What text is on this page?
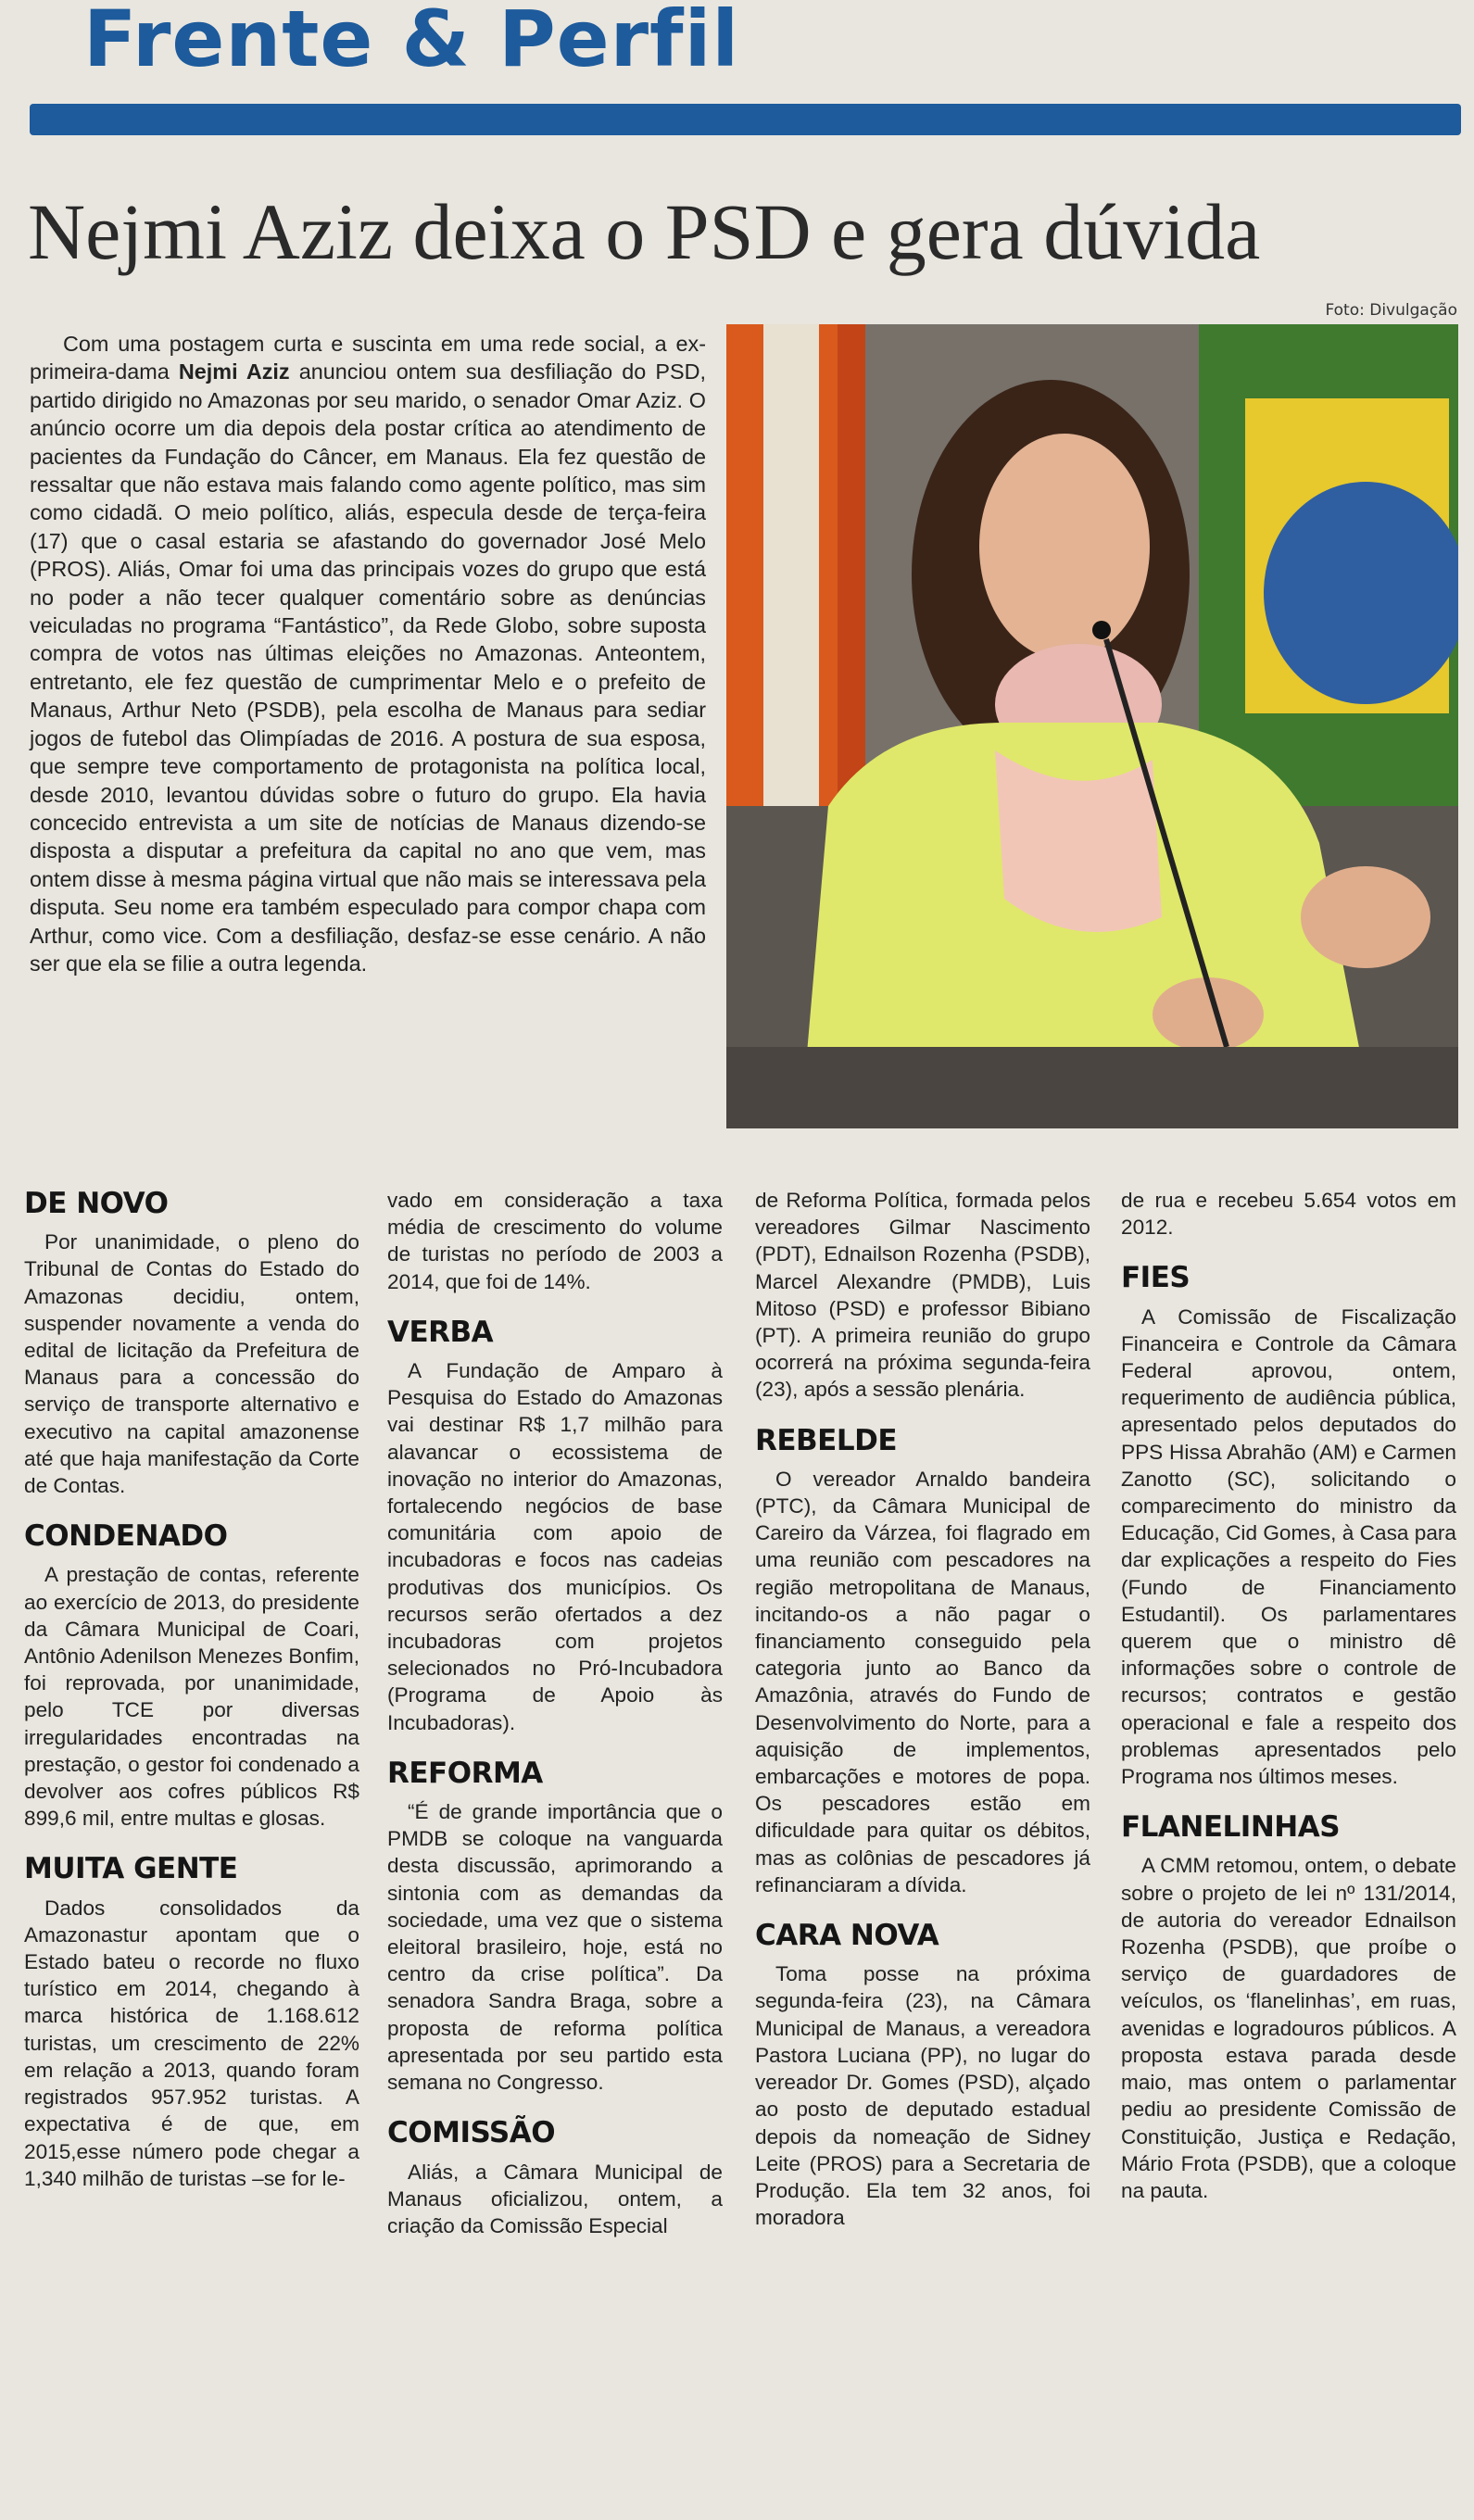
Frente & Perfil
Nejmi Aziz deixa o PSD e gera dúvida
Foto: Divulgação

Com uma postagem curta e suscinta em uma rede social, a ex-primeira-dama Nejmi Aziz anunciou ontem sua desfiliação do PSD, partido dirigido no Amazonas por seu marido, o senador Omar Aziz. O anúncio ocorre um dia depois dela postar crítica ao atendimento de pacientes da Fundação do Câncer, em Manaus. Ela fez questão de ressaltar que não estava mais falando como agente político, mas sim como cidadã. O meio político, aliás, especula desde de terça-feira (17) que o casal estaria se afastando do governador José Melo (PROS). Aliás, Omar foi uma das principais vozes do grupo que está no poder a não tecer qualquer comentário sobre as denúncias veiculadas no programa “Fantástico”, da Rede Globo, sobre suposta compra de votos nas últimas eleições no Amazonas. Anteontem, entretanto, ele fez questão de cumprimentar Melo e o prefeito de Manaus, Arthur Neto (PSDB), pela escolha de Manaus para sediar jogos de futebol das Olimpíadas de 2016. A postura de sua esposa, que sempre teve comportamento de protagonista na política local, desde 2010, levantou dúvidas sobre o futuro do grupo. Ela havia concecido entrevista a um site de notícias de Manaus dizendo-se disposta a disputar a prefeitura da capital no ano que vem, mas ontem disse à mesma página virtual que não mais se interessava pela disputa. Seu nome era também especulado para compor chapa com Arthur, como vice. Com a desfiliação, desfaz-se esse cenário. A não ser que ela se filie a outra legenda.

DE NOVO

Por unanimidade, o pleno do Tribunal de Contas do Estado do Amazonas decidiu, ontem, suspender novamente a venda do edital de licitação da Prefeitura de Manaus para a concessão do serviço de transporte alternativo e executivo na capital amazonense até que haja manifestação da Corte de Contas.

CONDENADO

A prestação de contas, referente ao exercício de 2013, do presidente da Câmara Municipal de Coari, Antônio Adenilson Menezes Bonfim, foi reprovada, por unanimidade, pelo TCE por diversas irregularidades encontradas na prestação, o gestor foi condenado a devolver aos cofres públicos R$ 899,6 mil, entre multas e glosas.

MUITA GENTE

Dados consolidados da Amazonastur apontam que o Estado bateu o recorde no fluxo turístico em 2014, chegando à marca histórica de 1.168.612 turistas, um crescimento de 22% em relação a 2013, quando foram registrados 957.952 turistas. A expectativa é de que, em 2015,esse número pode chegar a 1,340 milhão de turistas –se for le-

vado em consideração a taxa média de crescimento do volume de turistas no período de 2003 a 2014, que foi de 14%.

VERBA

A Fundação de Amparo à Pesquisa do Estado do Amazonas vai destinar R$ 1,7 milhão para alavancar o ecossistema de inovação no interior do Amazonas, fortalecendo negócios de base comunitária com apoio de incubadoras e focos nas cadeias produtivas dos municípios. Os recursos serão ofertados a dez incubadoras com projetos selecionados no Pró-Incubadora (Programa de Apoio às Incubadoras).

REFORMA

“É de grande importância que o PMDB se coloque na vanguarda desta discussão, aprimorando a sintonia com as demandas da sociedade, uma vez que o sistema eleitoral brasileiro, hoje, está no centro da crise política”. Da senadora Sandra Braga, sobre a proposta de reforma política apresentada por seu partido esta semana no Congresso.

COMISSÃO

Aliás, a Câmara Municipal de Manaus oficializou, ontem, a criação da Comissão Especial

de Reforma Política, formada pelos vereadores Gilmar Nascimento (PDT), Ednailson Rozenha (PSDB), Marcel Alexandre (PMDB), Luis Mitoso (PSD) e professor Bibiano (PT). A primeira reunião do grupo ocorrerá na próxima segunda-feira (23), após a sessão plenária.

REBELDE

O vereador Arnaldo bandeira (PTC), da Câmara Municipal de Careiro da Várzea, foi flagrado em uma reunião com pescadores na região metropolitana de Manaus, incitando-os a não pagar o financiamento conseguido pela categoria junto ao Banco da Amazônia, através do Fundo de Desenvolvimento do Norte, para a aquisição de implementos, embarcações e motores de popa. Os pescadores estão em dificuldade para quitar os débitos, mas as colônias de pescadores já refinanciaram a dívida.

CARA NOVA

Toma posse na próxima segunda-feira (23), na Câmara Municipal de Manaus, a vereadora Pastora Luciana (PP), no lugar do vereador Dr. Gomes (PSD), alçado ao posto de deputado estadual depois da nomeação de Sidney Leite (PROS) para a Secretaria de Produção. Ela tem 32 anos, foi moradora

de rua e recebeu 5.654 votos em 2012.

FIES

A Comissão de Fiscalização Financeira e Controle da Câmara Federal aprovou, ontem, requerimento de audiência pública, apresentado pelos deputados do PPS Hissa Abrahão (AM) e Carmen Zanotto (SC), solicitando o comparecimento do ministro da Educação, Cid Gomes, à Casa para dar explicações a respeito do Fies (Fundo de Financiamento Estudantil). Os parlamentares querem que o ministro dê informações sobre o controle de recursos; contratos e gestão operacional e fale a respeito dos problemas apresentados pelo Programa nos últimos meses.

FLANELINHAS

A CMM retomou, ontem, o debate sobre o projeto de lei nº 131/2014, de autoria do vereador Ednailson Rozenha (PSDB), que proíbe o serviço de guardadores de veículos, os ‘flanelinhas’, em ruas, avenidas e logradouros públicos. A proposta estava parada desde maio, mas ontem o parlamentar pediu ao presidente Comissão de Constituição, Justiça e Redação, Mário Frota (PSDB), que a coloque na pauta.
